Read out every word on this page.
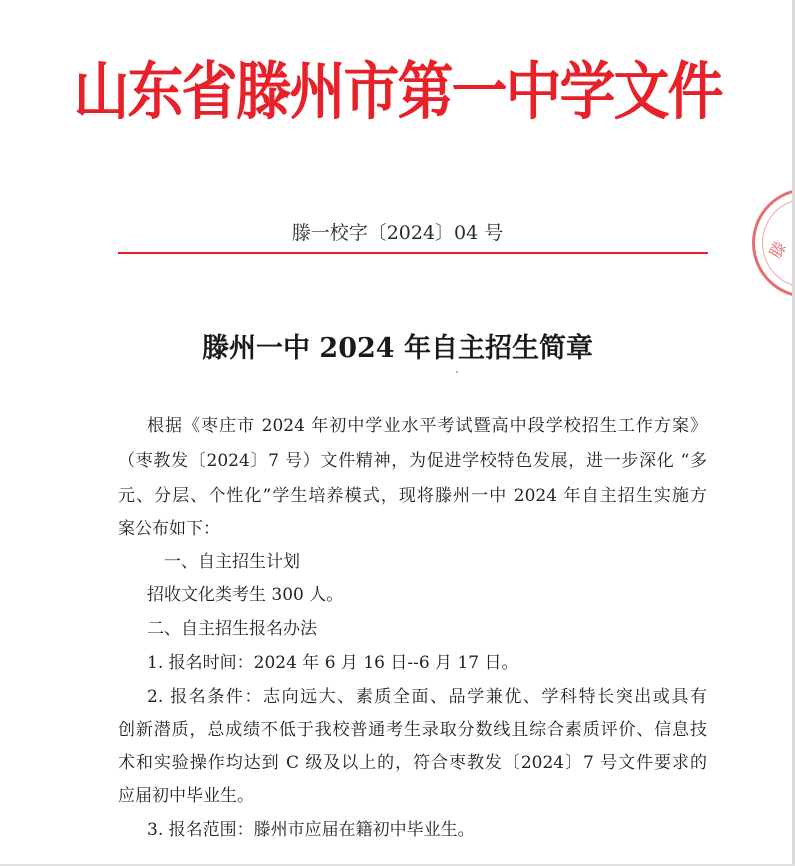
山东省滕州市第一中学文件
滕一校字〔2024〕04 号
滕
滕州一中 2024 年自主招生简章
根据《枣庄市 2024 年初中学业水平考试暨高中段学校招生工作方案》
（枣教发〔2024〕7 号）文件精神，为促进学校特色发展，进一步深化 “多
元、分层、个性化”学生培养模式，现将滕州一中 2024 年自主招生实施方
案公布如下：
一、自主招生计划
招收文化类考生 300 人。
二、自主招生报名办法
1. 报名时间：2024 年 6 月 16 日--6 月 17 日。
2. 报名条件：志向远大、素质全面、品学兼优、学科特长突出或具有
创新潜质，总成绩不低于我校普通考生录取分数线且综合素质评价、信息技
术和实验操作均达到 C 级及以上的，符合枣教发〔2024〕7 号文件要求的
应届初中毕业生。
3. 报名范围：滕州市应届在籍初中毕业生。
